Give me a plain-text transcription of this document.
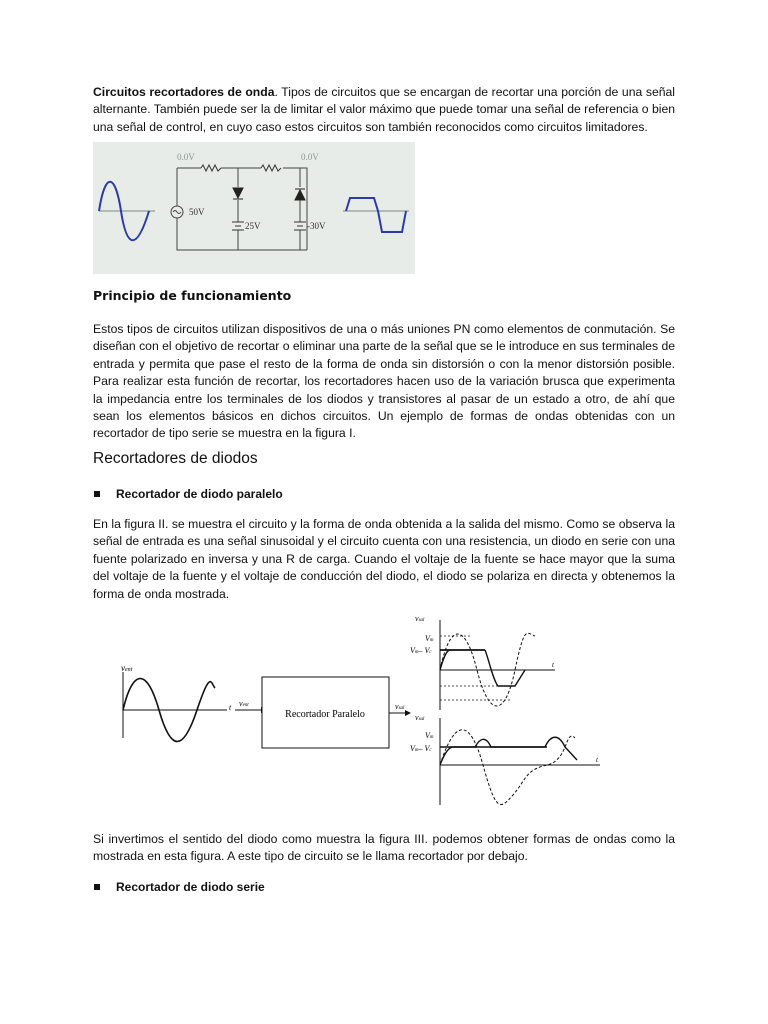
Circuitos recortadores de onda. Tipos de circuitos que se encargan de recortar una porción de una señal alternante. También puede ser la de limitar el valor máximo que puede tomar una señal de referencia o bien una señal de control, en cuyo caso estos circuitos son también reconocidos como circuitos limitadores.

0.0V	0.0V
50V
25V	-30V
Principio de funcionamiento

Estos tipos de circuitos utilizan dispositivos de una o más uniones PN como elementos de conmutación. Se diseñan con el objetivo de recortar o eliminar una parte de la señal que se le introduce en sus terminales de entrada y permita que pase el resto de la forma de onda sin distorsión o con la menor distorsión posible. Para realizar esta función de recortar, los recortadores hacen uso de la variación brusca que experimenta la impedancia entre los terminales de los diodos y transistores al pasar de un estado a otro, de ahí que sean los elementos básicos en dichos circuitos. Un ejemplo de formas de ondas obtenidas con un recortador de tipo serie se muestra en la figura I.

Recortadores de diodos

Recortador de diodo paralelo

En la figura II. se muestra el circuito y la forma de onda obtenida a la salida del mismo. Como se observa la señal de entrada es una señal sinusoidal y el circuito cuenta con una resistencia, un diodo en serie con una fuente polarizado en inversa y una R de carga. Cuando el voltaje de la fuente se hace mayor que la suma del voltaje de la fuente y el voltaje de conducción del diodo, el diodo se polariza en directa y obtenemos la forma de onda mostrada.

vent
t vent
Recortador Paralelo
vsal
vsal
t
Vm
Vm– Vc
vsal
t
Vm
Vm– Vc

Si invertimos el sentido del diodo como muestra la figura III. podemos obtener formas de ondas como la mostrada en esta figura. A este tipo de circuito se le llama recortador por debajo.

Recortador de diodo serie
